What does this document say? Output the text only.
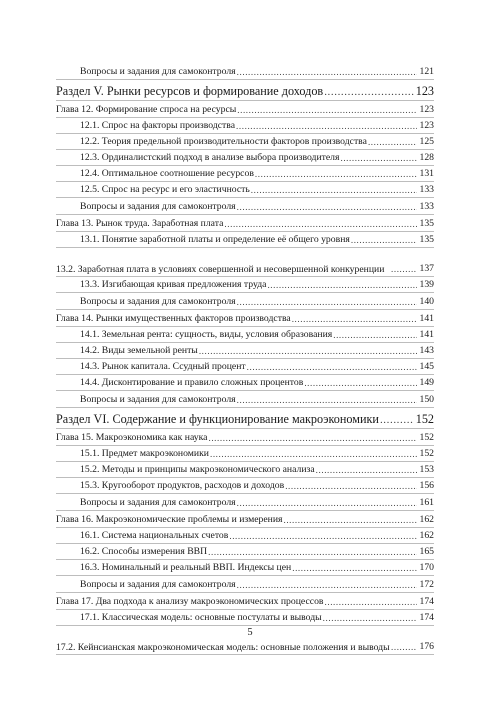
Вопросы и задания для самоконтроля .....	121
Раздел V. Рынки ресурсов и формирование доходов .....	123
Глава 12. Формирование спроса на ресурсы .....	123
12.1. Спрос на факторы производства .....	123
12.2. Теория предельной производительности факторов производства .....	125
12.3. Ординалистский подход в анализе выбора производителя .....	128
12.4. Оптимальное соотношение ресурсов .....	131
12.5. Спрос на ресурс и его эластичность .....	133
Вопросы и задания для самоконтроля .....	133
Глава 13. Рынок труда. Заработная плата .....	135
13.1. Понятие заработной платы и определение её общего уровня .....	135
13.2. Заработная плата в условиях совершенной и несовершенной конкуренции .....	137
13.3. Изгибающая кривая предложения труда .....	139
Вопросы и задания для самоконтроля .....	140
Глава 14. Рынки имущественных факторов производства .....	141
14.1. Земельная рента: сущность, виды, условия образования .....	141
14.2. Виды земельной ренты .....	143
14.3. Рынок капитала. Ссудный процент .....	145
14.4. Дисконтирование и правило сложных процентов .....	149
Вопросы и задания для самоконтроля .....	150
Раздел VI. Содержание и функционирование макроэкономики .....	152
Глава 15. Макроэкономика как наука .....	152
15.1. Предмет макроэкономики .....	152
15.2. Методы и принципы макроэкономического анализа .....	153
15.3. Кругооборот продуктов, расходов и доходов .....	156
Вопросы и задания для самоконтроля .....	161
Глава 16. Макроэкономические проблемы и измерения .....	162
16.1. Система национальных счетов .....	162
16.2. Способы измерения ВВП .....	165
16.3. Номинальный и реальный ВВП. Индексы цен .....	170
Вопросы и задания для самоконтроля .....	172
Глава 17. Два подхода к анализу макроэкономических процессов .....	174
17.1. Классическая модель: основные постулаты и выводы .....	174
17.2. Кейнсианская макроэкономическая модель: основные положения и выводы .....	176
5
